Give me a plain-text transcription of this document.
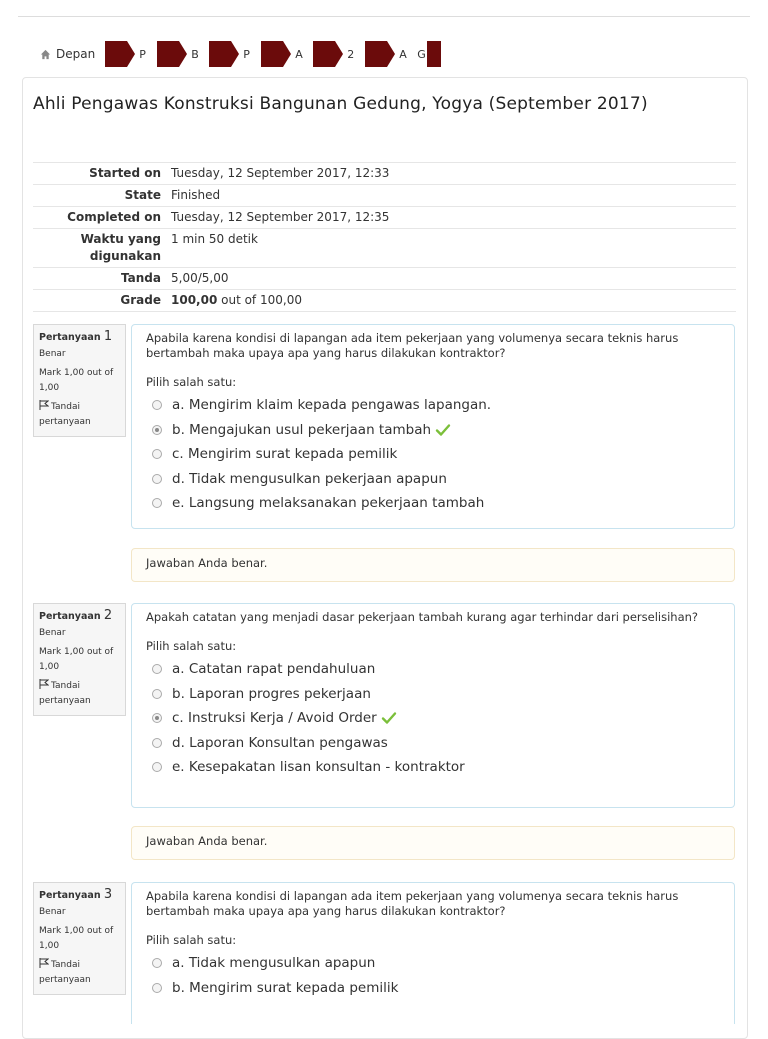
Depan	P	B	P	A	2	A G
Ahli Pengawas Konstruksi Bangunan Gedung, Yogya (September 2017)
Started on	Tuesday, 12 September 2017, 12:33
State	Finished
Completed on	Tuesday, 12 September 2017, 12:35
Waktu yang
digunakan	1 min 50 detik
Tanda	5,00/5,00
Grade	100,00 out of 100,00
Pertanyaan 1
Benar
Mark 1,00 out of
1,00
Tandai
pertanyaan

Apabila karena kondisi di lapangan ada item pekerjaan yang volumenya secara teknis harus bertambah maka upaya apa yang harus dilakukan kontraktor?

Pilih salah satu:

a. Mengirim klaim kepada pengawas lapangan.
b. Mengajukan usul pekerjaan tambah
c. Mengirim surat kepada pemilik
d. Tidak mengusulkan pekerjaan apapun
e. Langsung melaksanakan pekerjaan tambah
Jawaban Anda benar.
Pertanyaan 2
Benar
Mark 1,00 out of
1,00
Tandai
pertanyaan

Apakah catatan yang menjadi dasar pekerjaan tambah kurang agar terhindar dari perselisihan?

Pilih salah satu:

a. Catatan rapat pendahuluan
b. Laporan progres pekerjaan
c. Instruksi Kerja / Avoid Order
d. Laporan Konsultan pengawas
e. Kesepakatan lisan konsultan - kontraktor
Jawaban Anda benar.
Pertanyaan 3
Benar
Mark 1,00 out of
1,00
Tandai
pertanyaan

Apabila karena kondisi di lapangan ada item pekerjaan yang volumenya secara teknis harus bertambah maka upaya apa yang harus dilakukan kontraktor?

Pilih salah satu:

a. Tidak mengusulkan apapun
b. Mengirim surat kepada pemilik
